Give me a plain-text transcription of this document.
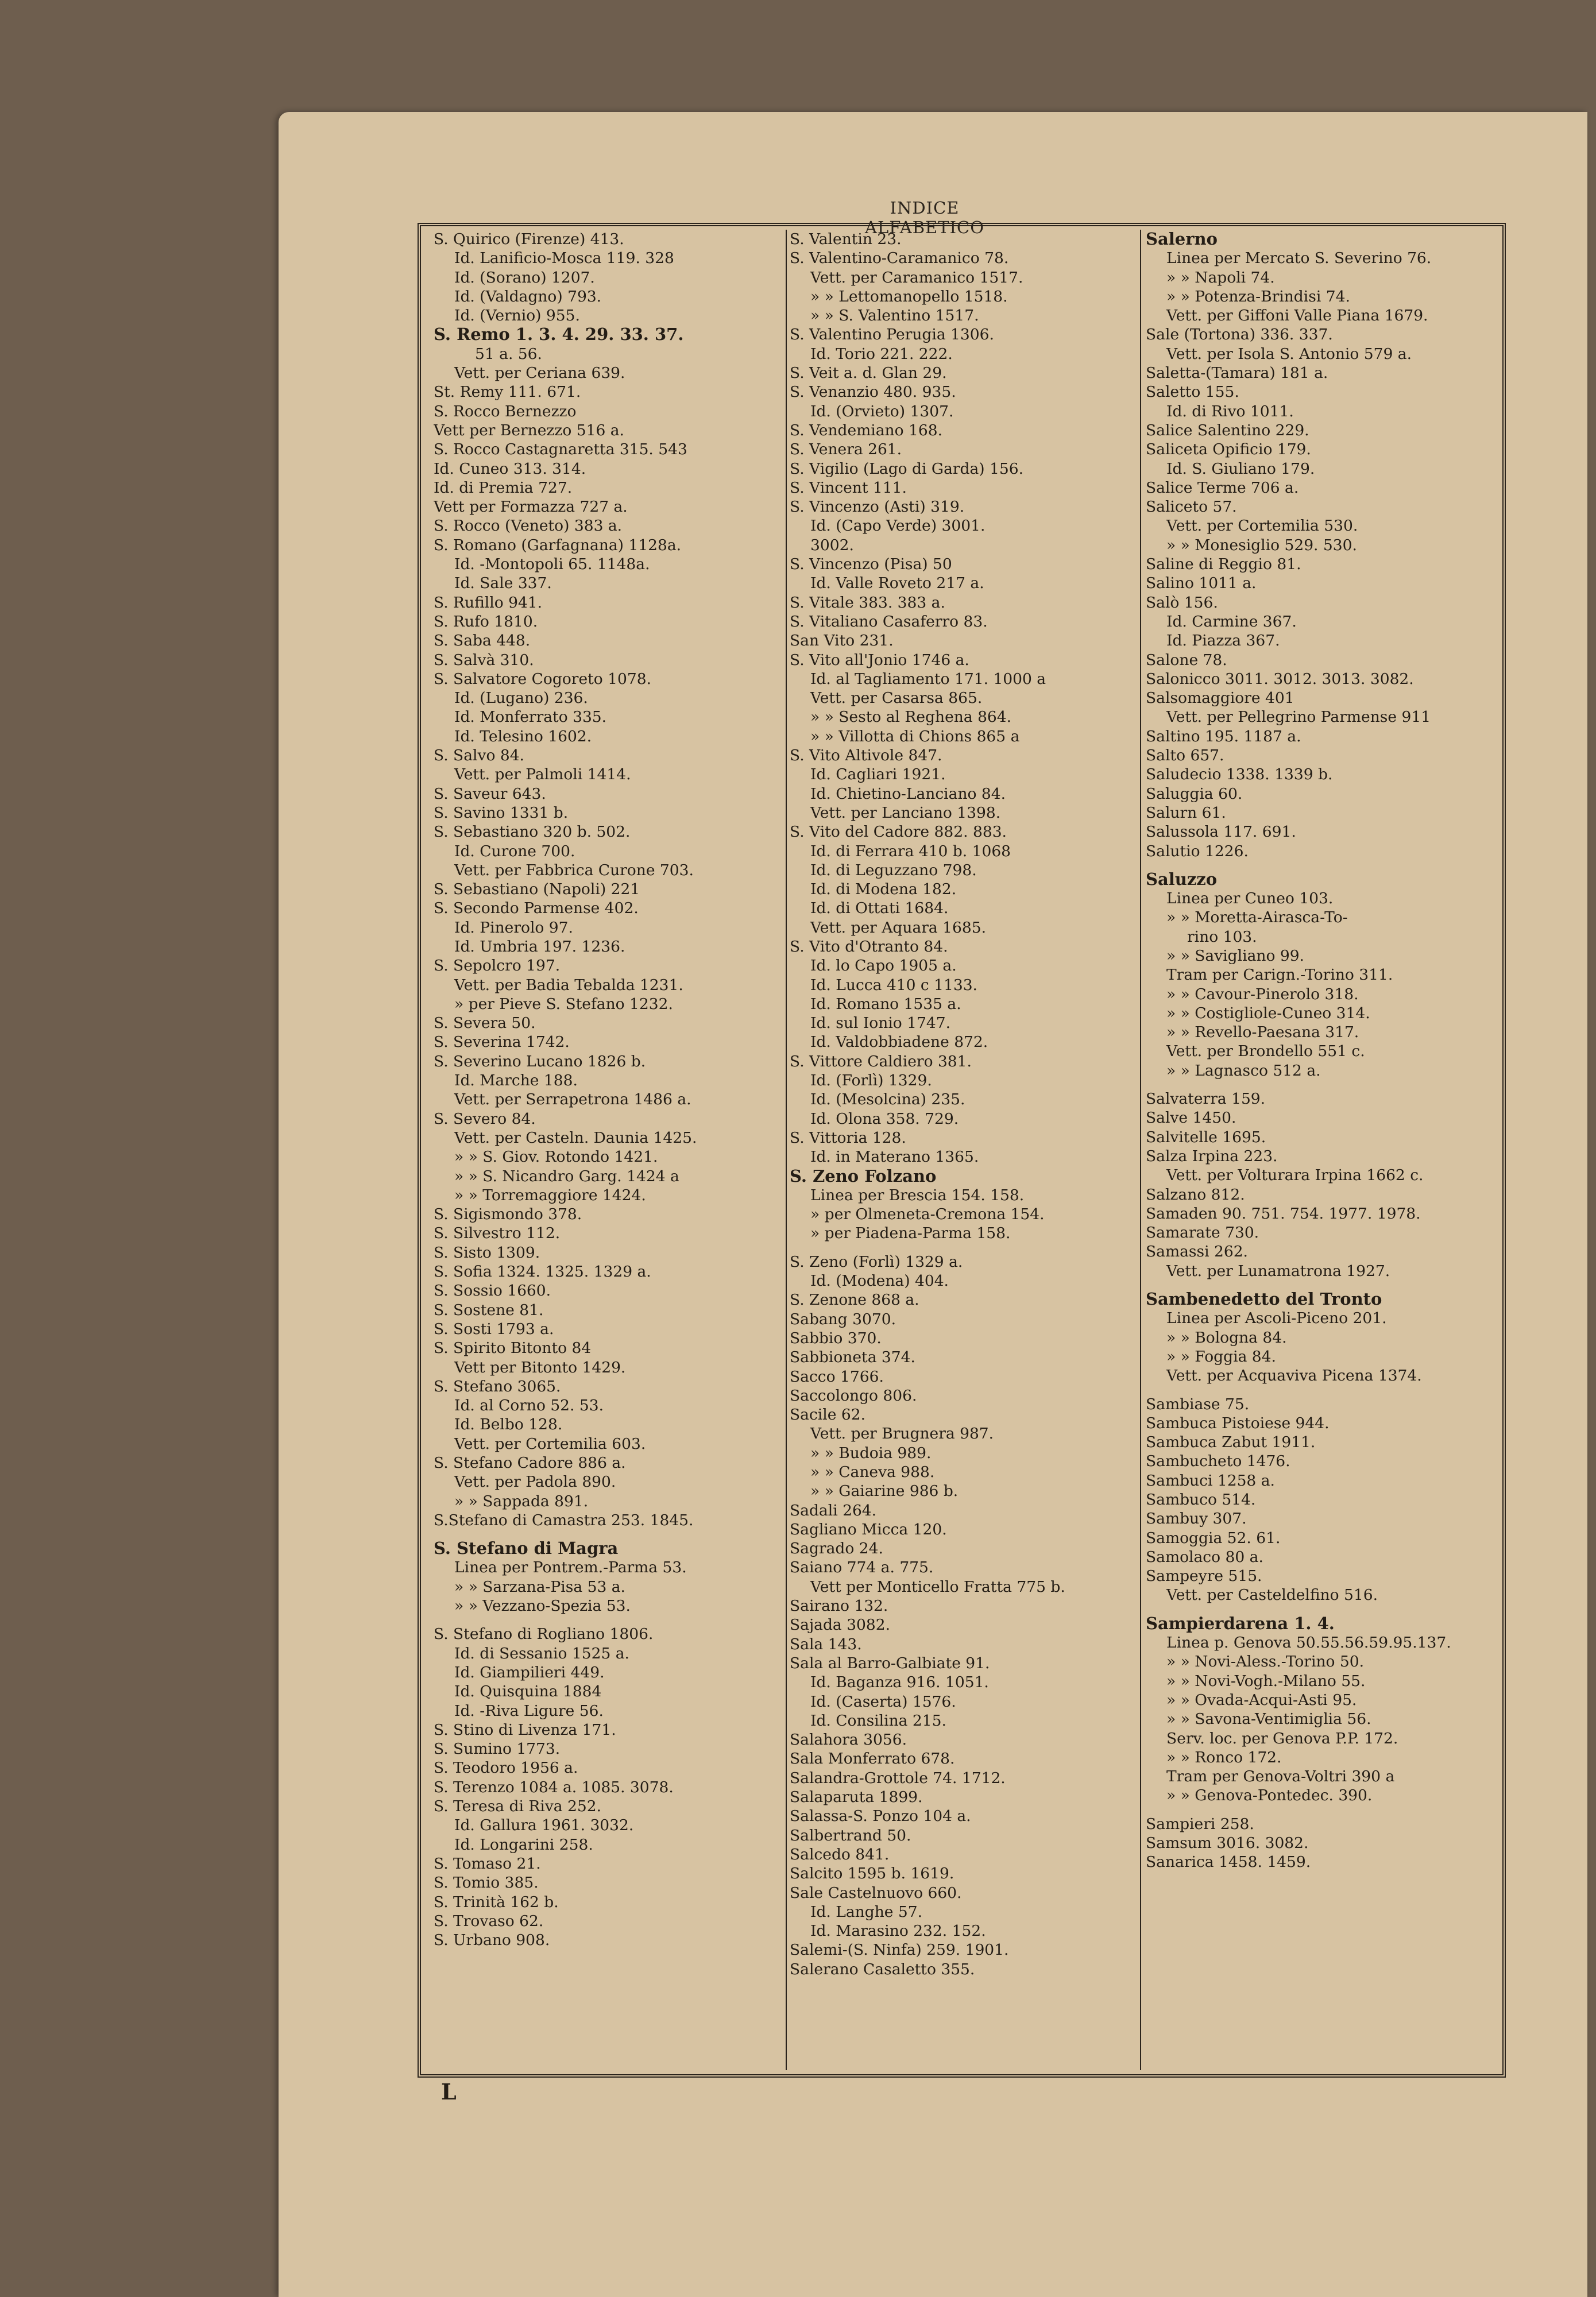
INDICE ALFABETICO
S. Quirico (Firenze) 413.
Id. Lanificio-Mosca 119. 328
Id. (Sorano) 1207.
Id. (Valdagno) 793.
Id. (Vernio) 955.
S. Remo 1. 3. 4. 29. 33. 37.
51 a. 56.
Vett. per Ceriana 639.
St. Remy 111. 671.
S. Rocco Bernezzo
Vett per Bernezzo 516 a.
S. Rocco Castagnaretta 315. 543
Id. Cuneo 313. 314.
Id. di Premia 727.
Vett per Formazza 727 a.
S. Rocco (Veneto) 383 a.
S. Romano (Garfagnana) 1128a.
Id. -Montopoli 65. 1148a.
Id. Sale 337.
S. Rufillo 941.
S. Rufo 1810.
S. Saba 448.
S. Salvà 310.
S. Salvatore Cogoreto 1078.
Id. (Lugano) 236.
Id. Monferrato 335.
Id. Telesino 1602.
S. Salvo 84.
Vett. per Palmoli 1414.
S. Saveur 643.
S. Savino 1331 b.
S. Sebastiano 320 b. 502.
Id. Curone 700.
Vett. per Fabbrica Curone 703.
S. Sebastiano (Napoli) 221
S. Secondo Parmense 402.
Id. Pinerolo 97.
Id. Umbria 197. 1236.
S. Sepolcro 197.
Vett. per Badia Tebalda 1231.
» per Pieve S. Stefano 1232.
S. Severa 50.
S. Severina 1742.
S. Severino Lucano 1826 b.
Id. Marche 188.
Vett. per Serrapetrona 1486 a.
S. Severo 84.
Vett. per Casteln. Daunia 1425.
» » S. Giov. Rotondo 1421.
» » S. Nicandro Garg. 1424 a
» » Torremaggiore 1424.
S. Sigismondo 378.
S. Silvestro 112.
S. Sisto 1309.
S. Sofia 1324. 1325. 1329 a.
S. Sossio 1660.
S. Sostene 81.
S. Sosti 1793 a.
S. Spirito Bitonto 84
Vett per Bitonto 1429.
S. Stefano 3065.
Id. al Corno 52. 53.
Id. Belbo 128.
Vett. per Cortemilia 603.
S. Stefano Cadore 886 a.
Vett. per Padola 890.
» » Sappada 891.
S.Stefano di Camastra 253. 1845.
S. Stefano di Magra
Linea per Pontrem.-Parma 53.
» » Sarzana-Pisa 53 a.
» » Vezzano-Spezia 53.
S. Stefano di Rogliano 1806.
Id. di Sessanio 1525 a.
Id. Giampilieri 449.
Id. Quisquina 1884
Id. -Riva Ligure 56.
S. Stino di Livenza 171.
S. Sumino 1773.
S. Teodoro 1956 a.
S. Terenzo 1084 a. 1085. 3078.
S. Teresa di Riva 252.
Id. Gallura 1961. 3032.
Id. Longarini 258.
S. Tomaso 21.
S. Tomio 385.
S. Trinità 162 b.
S. Trovaso 62.
S. Urbano 908.
S. Valentin 23.
S. Valentino-Caramanico 78.
Vett. per Caramanico 1517.
» » Lettomanopello 1518.
» » S. Valentino 1517.
S. Valentino Perugia 1306.
Id. Torio 221. 222.
S. Veit a. d. Glan 29.
S. Venanzio 480. 935.
Id. (Orvieto) 1307.
S. Vendemiano 168.
S. Venera 261.
S. Vigilio (Lago di Garda) 156.
S. Vincent 111.
S. Vincenzo (Asti) 319.
Id. (Capo Verde) 3001.
3002.
S. Vincenzo (Pisa) 50
Id. Valle Roveto 217 a.
S. Vitale 383. 383 a.
S. Vitaliano Casaferro 83.
San Vito 231.
S. Vito all'Jonio 1746 a.
Id. al Tagliamento 171. 1000 a
Vett. per Casarsa 865.
» » Sesto al Reghena 864.
» » Villotta di Chions 865 a
S. Vito Altivole 847.
Id. Cagliari 1921.
Id. Chietino-Lanciano 84.
Vett. per Lanciano 1398.
S. Vito del Cadore 882. 883.
Id. di Ferrara 410 b. 1068
Id. di Leguzzano 798.
Id. di Modena 182.
Id. di Ottati 1684.
Vett. per Aquara 1685.
S. Vito d'Otranto 84.
Id. lo Capo 1905 a.
Id. Lucca 410 c 1133.
Id. Romano 1535 a.
Id. sul Ionio 1747.
Id. Valdobbiadene 872.
S. Vittore Caldiero 381.
Id. (Forlì) 1329.
Id. (Mesolcina) 235.
Id. Olona 358. 729.
S. Vittoria 128.
Id. in Materano 1365.
S. Zeno Folzano
Linea per Brescia 154. 158.
» per Olmeneta-Cremona 154.
» per Piadena-Parma 158.
S. Zeno (Forlì) 1329 a.
Id. (Modena) 404.
S. Zenone 868 a.
Sabang 3070.
Sabbio 370.
Sabbioneta 374.
Sacco 1766.
Saccolongo 806.
Sacile 62.
Vett. per Brugnera 987.
» » Budoia 989.
» » Caneva 988.
» » Gaiarine 986 b.
Sadali 264.
Sagliano Micca 120.
Sagrado 24.
Saiano 774 a. 775.
Vett per Monticello Fratta 775 b.
Sairano 132.
Sajada 3082.
Sala 143.
Sala al Barro-Galbiate 91.
Id. Baganza 916. 1051.
Id. (Caserta) 1576.
Id. Consilina 215.
Salahora 3056.
Sala Monferrato 678.
Salandra-Grottole 74. 1712.
Salaparuta 1899.
Salassa-S. Ponzo 104 a.
Salbertrand 50.
Salcedo 841.
Salcito 1595 b. 1619.
Sale Castelnuovo 660.
Id. Langhe 57.
Id. Marasino 232. 152.
Salemi-(S. Ninfa) 259. 1901.
Salerano Casaletto 355.
Salerno
Linea per Mercato S. Severino 76.
» » Napoli 74.
» » Potenza-Brindisi 74.
Vett. per Giffoni Valle Piana 1679.
Sale (Tortona) 336. 337.
Vett. per Isola S. Antonio 579 a.
Saletta-(Tamara) 181 a.
Saletto 155.
Id. di Rivo 1011.
Salice Salentino 229.
Saliceta Opificio 179.
Id. S. Giuliano 179.
Salice Terme 706 a.
Saliceto 57.
Vett. per Cortemilia 530.
» » Monesiglio 529. 530.
Saline di Reggio 81.
Salino 1011 a.
Salò 156.
Id. Carmine 367.
Id. Piazza 367.
Salone 78.
Salonicco 3011. 3012. 3013. 3082.
Salsomaggiore 401
Vett. per Pellegrino Parmense 911
Saltino 195. 1187 a.
Salto 657.
Saludecio 1338. 1339 b.
Saluggia 60.
Salurn 61.
Salussola 117. 691.
Salutio 1226.
Saluzzo
Linea per Cuneo 103.
» » Moretta-Airasca-To-
rino 103.
» » Savigliano 99.
Tram per Carign.-Torino 311.
» » Cavour-Pinerolo 318.
» » Costigliole-Cuneo 314.
» » Revello-Paesana 317.
Vett. per Brondello 551 c.
» » Lagnasco 512 a.
Salvaterra 159.
Salve 1450.
Salvitelle 1695.
Salza Irpina 223.
Vett. per Volturara Irpina 1662 c.
Salzano 812.
Samaden 90. 751. 754. 1977. 1978.
Samarate 730.
Samassi 262.
Vett. per Lunamatrona 1927.
Sambenedetto del Tronto
Linea per Ascoli-Piceno 201.
» » Bologna 84.
» » Foggia 84.
Vett. per Acquaviva Picena 1374.
Sambiase 75.
Sambuca Pistoiese 944.
Sambuca Zabut 1911.
Sambucheto 1476.
Sambuci 1258 a.
Sambuco 514.
Sambuy 307.
Samoggia 52. 61.
Samolaco 80 a.
Sampeyre 515.
Vett. per Casteldelfino 516.
Sampierdarena 1. 4.
Linea p. Genova 50.55.56.59.95.137.
» » Novi-Aless.-Torino 50.
» » Novi-Vogh.-Milano 55.
» » Ovada-Acqui-Asti 95.
» » Savona-Ventimiglia 56.
Serv. loc. per Genova P.P. 172.
» » Ronco 172.
Tram per Genova-Voltri 390 a
» » Genova-Pontedec. 390.
Sampieri 258.
Samsum 3016. 3082.
Sanarica 1458. 1459.
L
